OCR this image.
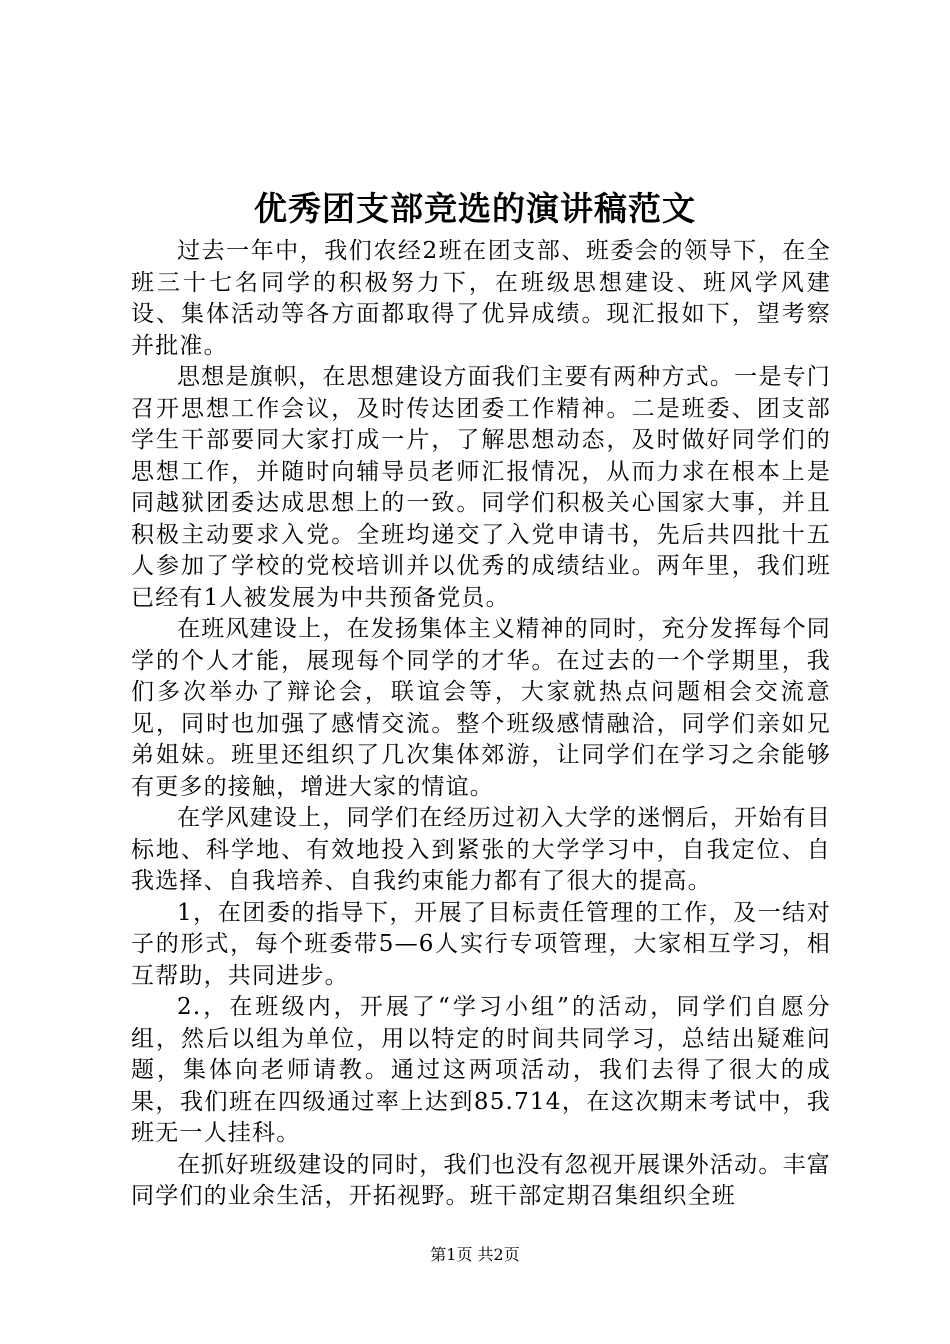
优秀团支部竞选的演讲稿范文

过去一年中，我们农经2班在团支部、班委会的领导下，在全班三十七名同学的积极努力下，在班级思想建设、班风学风建设、集体活动等各方面都取得了优异成绩。现汇报如下，望考察并批准。

思想是旗帜，在思想建设方面我们主要有两种方式。一是专门召开思想工作会议，及时传达团委工作精神。二是班委、团支部学生干部要同大家打成一片，了解思想动态，及时做好同学们的思想工作，并随时向辅导员老师汇报情况，从而力求在根本上是同越狱团委达成思想上的一致。同学们积极关心国家大事，并且积极主动要求入党。全班均递交了入党申请书，先后共四批十五人参加了学校的党校培训并以优秀的成绩结业。两年里，我们班已经有1人被发展为中共预备党员。

在班风建设上，在发扬集体主义精神的同时，充分发挥每个同学的个人才能，展现每个同学的才华。在过去的一个学期里，我们多次举办了辩论会，联谊会等，大家就热点问题相会交流意见，同时也加强了感情交流。整个班级感情融洽，同学们亲如兄弟姐妹。班里还组织了几次集体郊游，让同学们在学习之余能够有更多的接触，增进大家的情谊。

在学风建设上，同学们在经历过初入大学的迷惘后，开始有目标地、科学地、有效地投入到紧张的大学学习中，自我定位、自我选择、自我培养、自我约束能力都有了很大的提高。

1，在团委的指导下，开展了目标责任管理的工作，及一结对子的形式，每个班委带5—6人实行专项管理，大家相互学习，相互帮助，共同进步。

2.，在班级内，开展了“学习小组”的活动，同学们自愿分组，然后以组为单位，用以特定的时间共同学习，总结出疑难问题，集体向老师请教。通过这两项活动，我们去得了很大的成果，我们班在四级通过率上达到85.714，在这次期末考试中，我班无一人挂科。

在抓好班级建设的同时，我们也没有忽视开展课外活动。丰富同学们的业余生活，开拓视野。班干部定期召集组织全班

第1页 共2页
